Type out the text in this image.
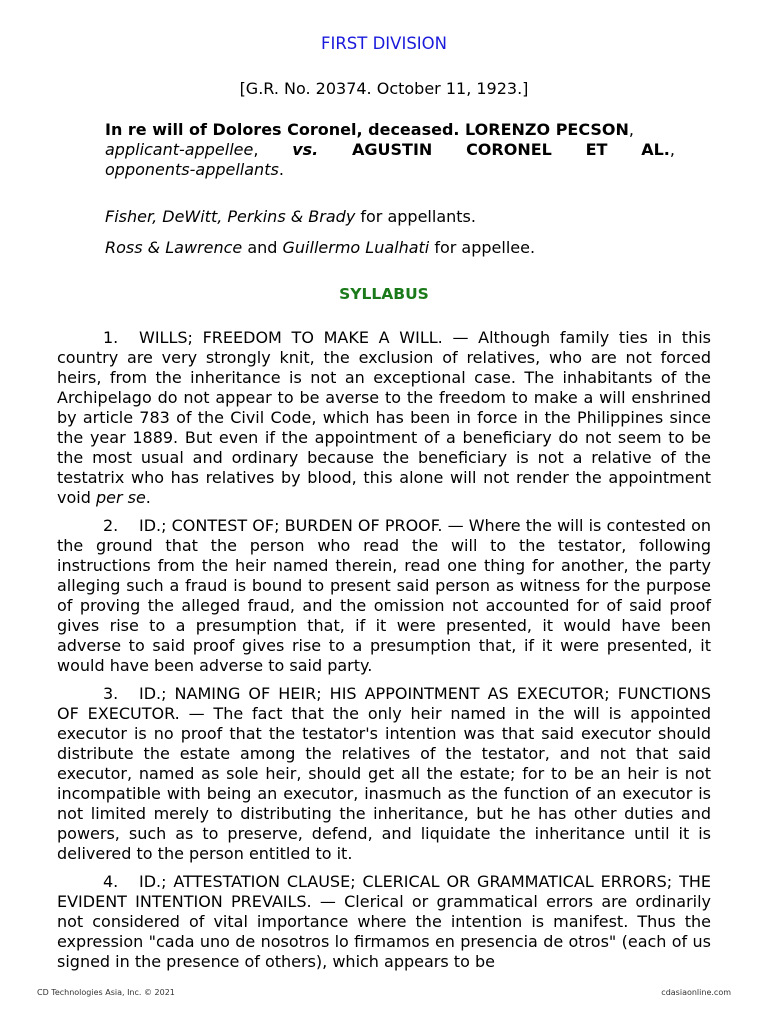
FIRST DIVISION
[G.R. No. 20374. October 11, 1923.]
In re will of Dolores Coronel, deceased. LORENZO PECSON,
applicant-appellee, vs. AGUSTIN CORONEL ET AL.,
opponents-appellants.
Fisher, DeWitt, Perkins & Brady for appellants.
Ross & Lawrence and Guillermo Lualhati for appellee.
SYLLABUS

1. WILLS; FREEDOM TO MAKE A WILL. — Although family ties in this country are very strongly knit, the exclusion of relatives, who are not forced heirs, from the inheritance is not an exceptional case. The inhabitants of the Archipelago do not appear to be averse to the freedom to make a will enshrined by article 783 of the Civil Code, which has been in force in the Philippines since the year 1889. But even if the appointment of a beneficiary do not seem to be the most usual and ordinary because the beneficiary is not a relative of the testatrix who has relatives by blood, this alone will not render the appointment void per se.

2. ID.; CONTEST OF; BURDEN OF PROOF. — Where the will is contested on the ground that the person who read the will to the testator, following instructions from the heir named therein, read one thing for another, the party alleging such a fraud is bound to present said person as witness for the purpose of proving the alleged fraud, and the omission not accounted for of said proof gives rise to a presumption that, if it were presented, it would have been adverse to said proof gives rise to a presumption that, if it were presented, it would have been adverse to said party.

3. ID.; NAMING OF HEIR; HIS APPOINTMENT AS EXECUTOR; FUNCTIONS OF EXECUTOR. — The fact that the only heir named in the will is appointed executor is no proof that the testator's intention was that said executor should distribute the estate among the relatives of the testator, and not that said executor, named as sole heir, should get all the estate; for to be an heir is not incompatible with being an executor, inasmuch as the function of an executor is not limited merely to distributing the inheritance, but he has other duties and powers, such as to preserve, defend, and liquidate the inheritance until it is delivered to the person entitled to it.

4. ID.; ATTESTATION CLAUSE; CLERICAL OR GRAMMATICAL ERRORS; THE EVIDENT INTENTION PREVAILS. — Clerical or grammatical errors are ordinarily not considered of vital importance where the intention is manifest. Thus the expression "cada uno de nosotros lo firmamos en presencia de otros" (each of us signed in the presence of others), which appears to be

CD Technologies Asia, Inc. © 2021	cdasiaonline.com
